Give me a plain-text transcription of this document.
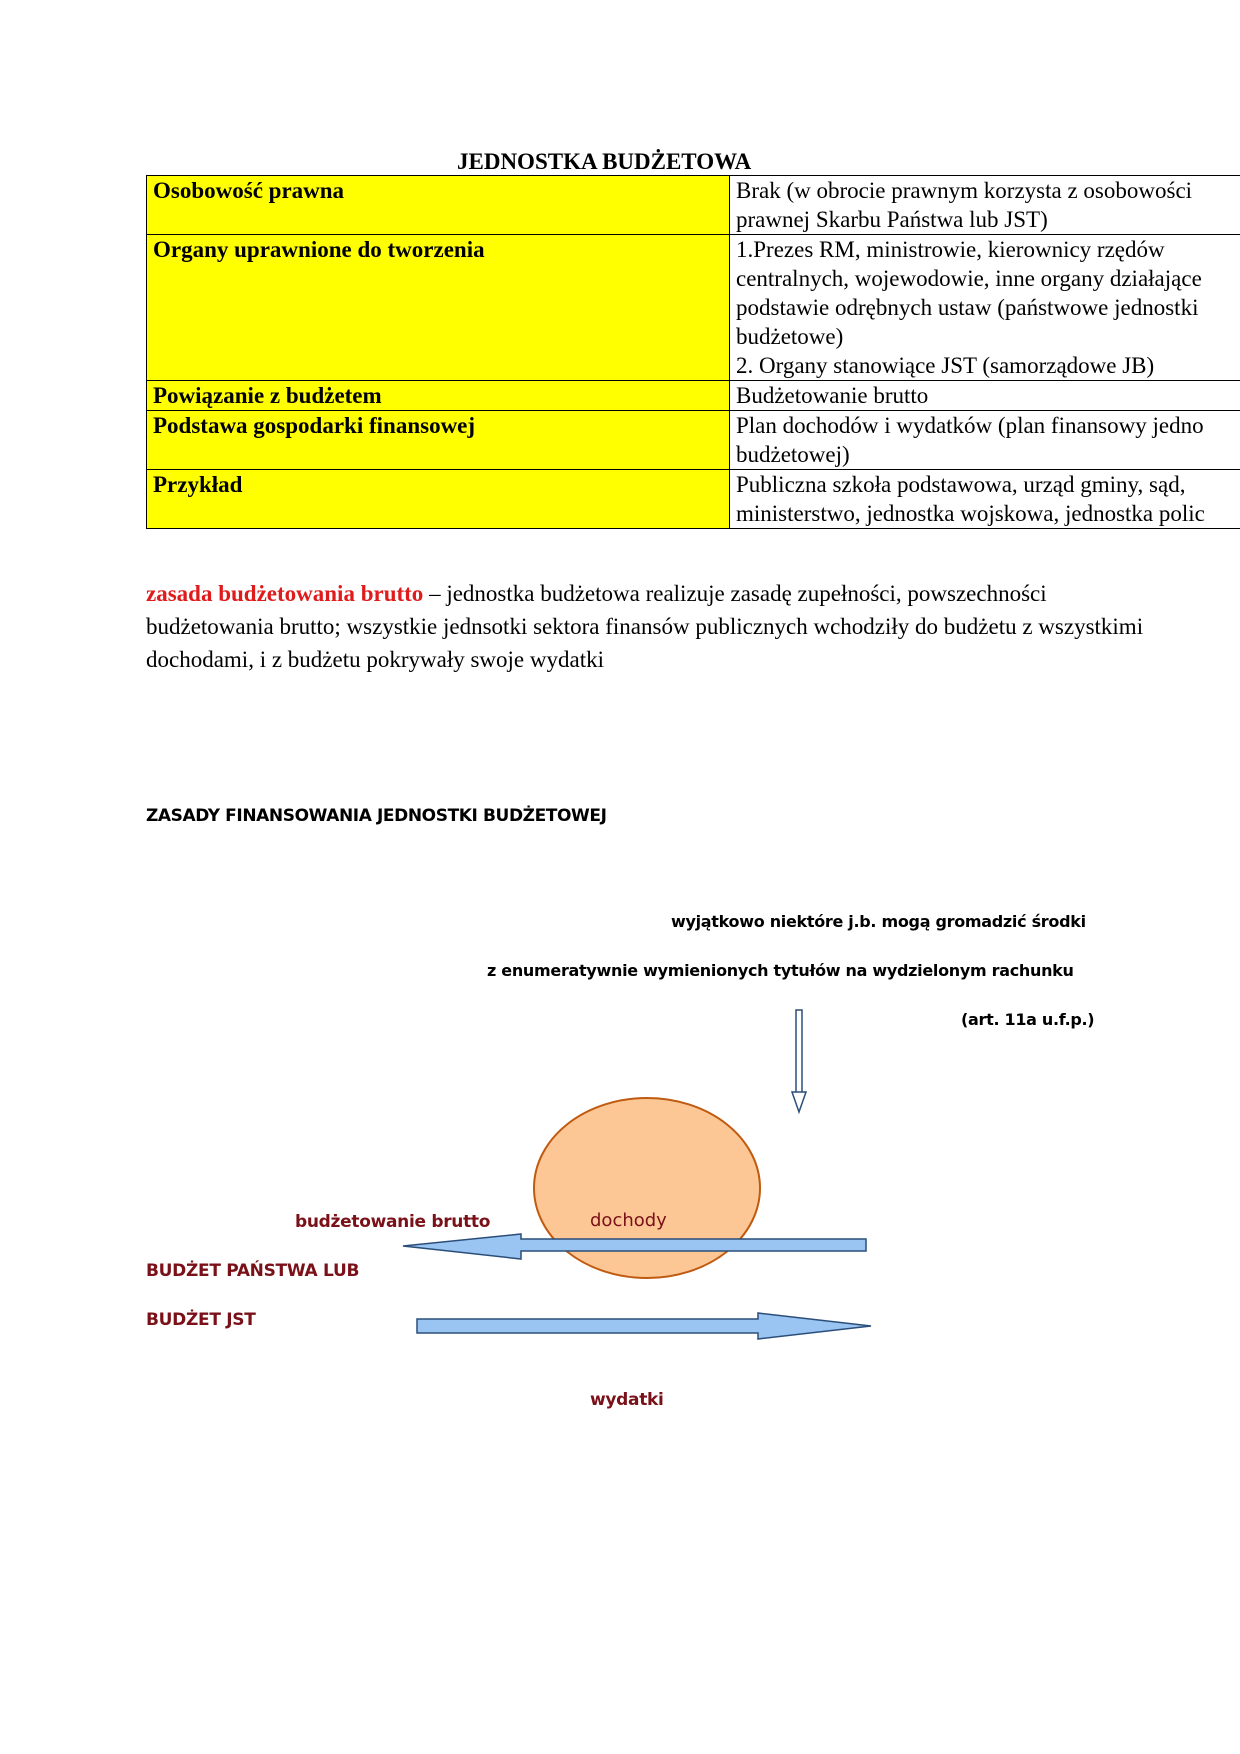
JEDNOSTKA BUDŻETOWA
Osobowość prawna	Brak (w obrocie prawnym korzysta z osobowości
prawnej Skarbu Państwa lub JST)

Organy uprawnione do tworzenia	1.Prezes RM, ministrowie, kierownicy rzędów
centralnych, wojewodowie, inne organy działające
podstawie odrębnych ustaw (państwowe jednostki
budżetowe)
2. Organy stanowiące JST (samorządowe JB)

Powiązanie z budżetem	Budżetowanie brutto

Podstawa gospodarki finansowej	Plan dochodów i wydatków (plan finansowy jedno
budżetowej)

Przykład	Publiczna szkoła podstawowa, urząd gminy, sąd,
ministerstwo, jednostka wojskowa, jednostka polic
zasada budżetowania brutto – jednostka budżetowa realizuje zasadę zupełności, powszechności budżetowania brutto; wszystkie jednsotki sektora finansów publicznych wchodziły do budżetu z wszystkimi dochodami, i z budżetu pokrywały swoje wydatki
ZASADY FINANSOWANIA JEDNOSTKI BUDŻETOWEJ
wyjątkowo niektóre j.b. mogą gromadzić środki
z enumeratywnie wymienionych tytułów na wydzielonym rachunku
(art. 11a u.f.p.)
dochody
budżetowanie brutto
BUDŻET PAŃSTWA LUB
BUDŻET JST
wydatki
